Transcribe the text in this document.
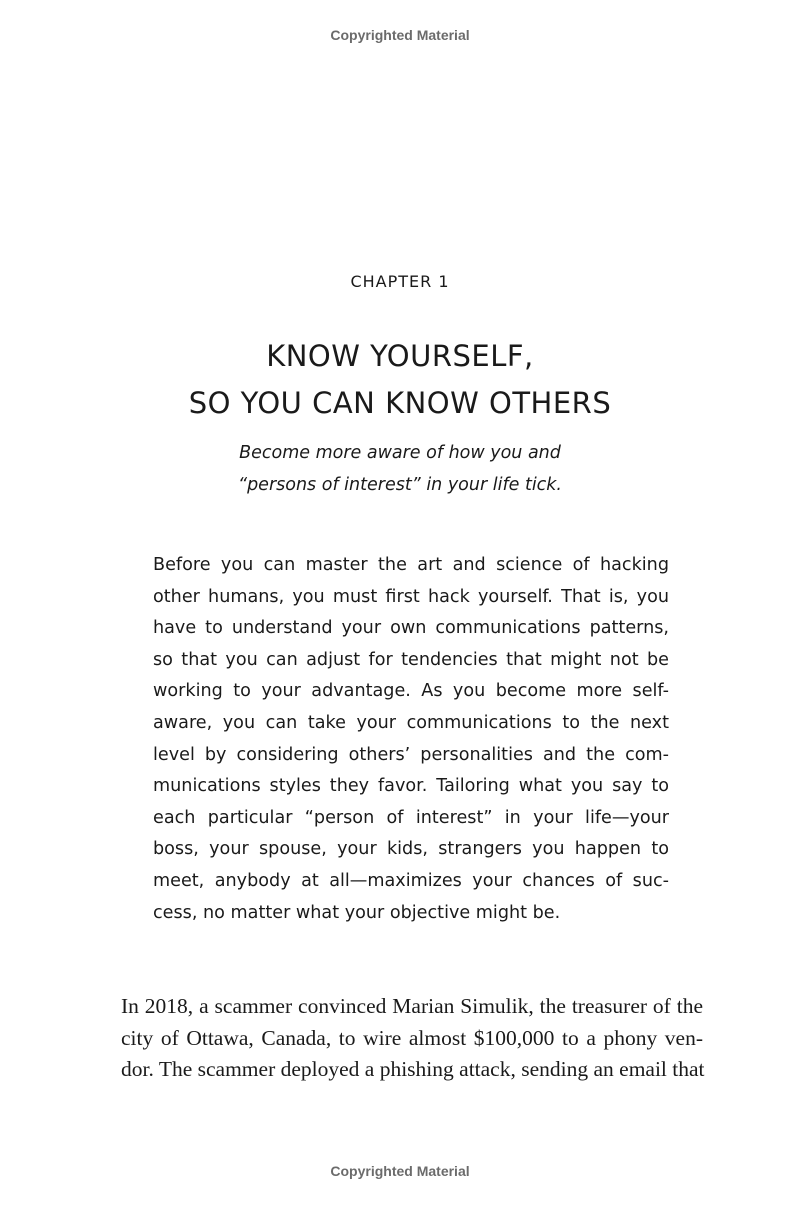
Copyrighted Material
CHAPTER 1
KNOW YOURSELF,
SO YOU CAN KNOW OTHERS
Become more aware of how you and
“persons of interest” in your life tick.
Before you can master the art and science of hacking
other humans, you must first hack yourself. That is, you
have to understand your own communications patterns,
so that you can adjust for tendencies that might not be
working to your advantage. As you become more self-
aware, you can take your communications to the next
level by considering others’ personalities and the com-
munications styles they favor. Tailoring what you say to
each particular “person of interest” in your life—your
boss, your spouse, your kids, strangers you happen to
meet, anybody at all—maximizes your chances of suc-
cess, no matter what your objective might be.
In 2018, a scammer convinced Marian Simulik, the treasurer of the
city of Ottawa, Canada, to wire almost $100,000 to a phony ven-
dor. The scammer deployed a phishing attack, sending an email that
Copyrighted Material
